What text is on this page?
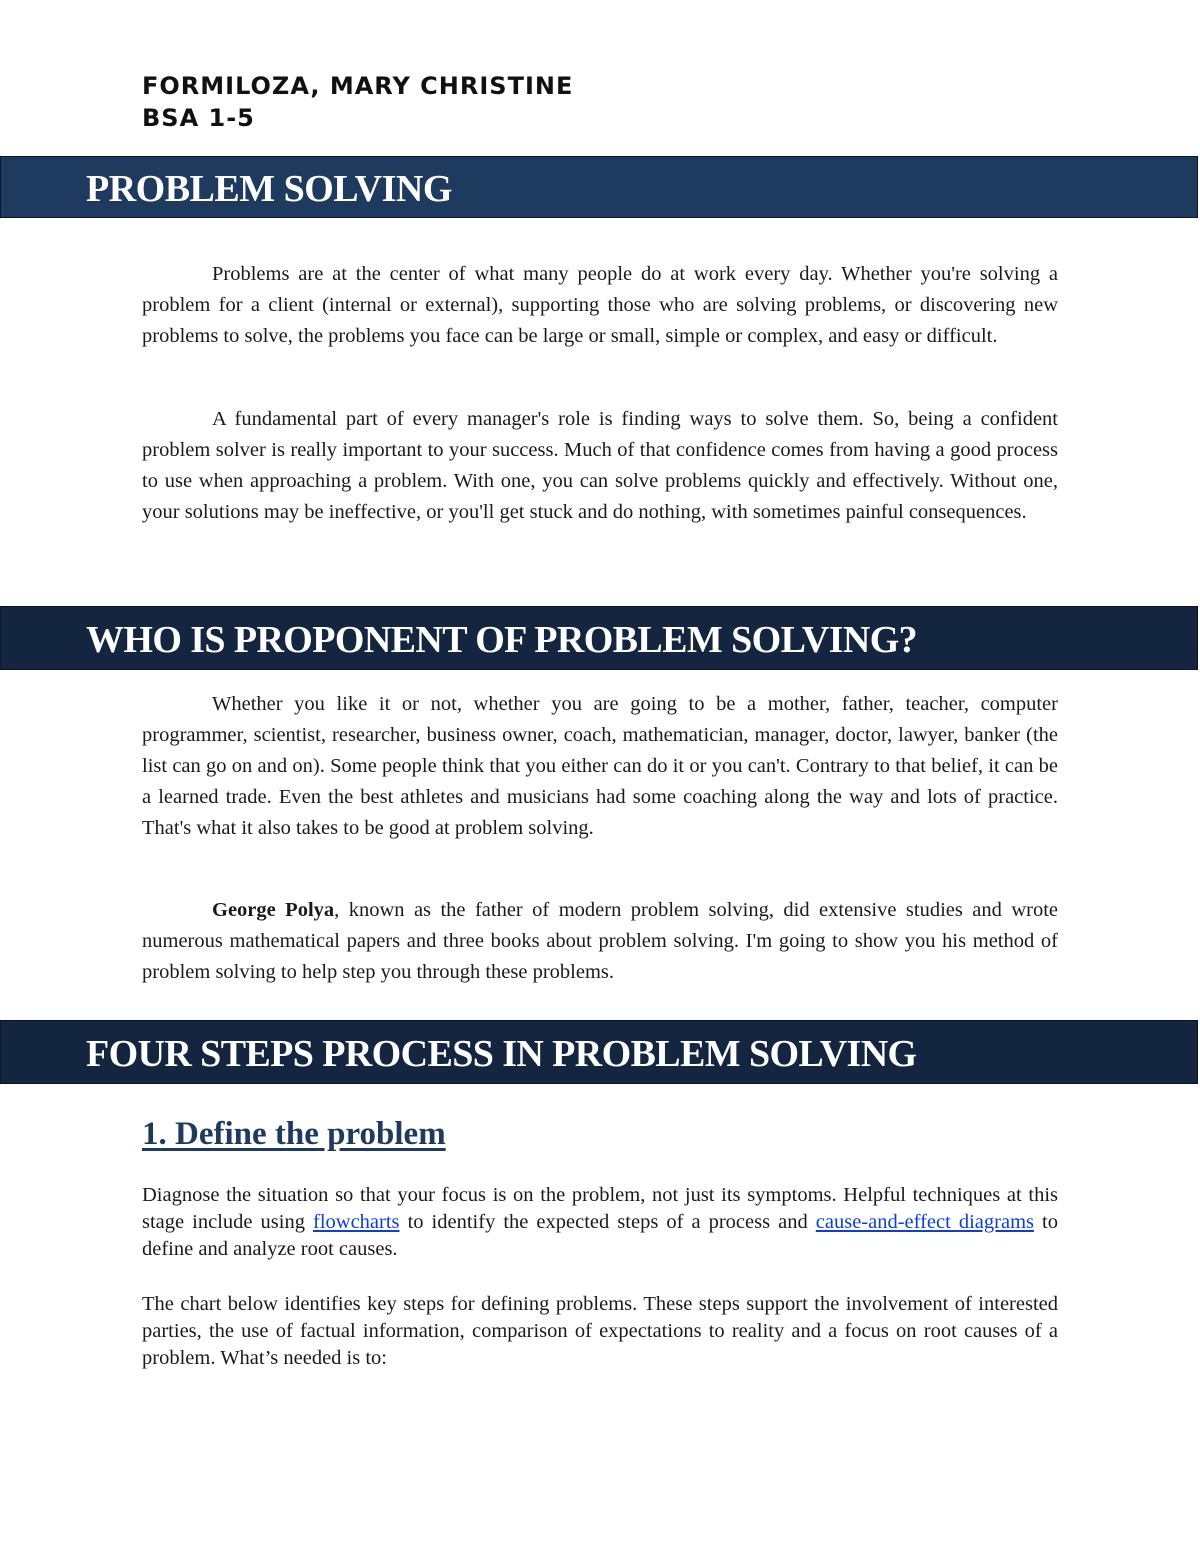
FORMILOZA, MARY CHRISTINE
BSA 1-5
PROBLEM SOLVING

Problems are at the center of what many people do at work every day. Whether you're solving a problem for a client (internal or external), supporting those who are solving problems, or discovering new problems to solve, the problems you face can be large or small, simple or complex, and easy or difficult.

A fundamental part of every manager's role is finding ways to solve them. So, being a confident problem solver is really important to your success. Much of that confidence comes from having a good process to use when approaching a problem. With one, you can solve problems quickly and effectively. Without one, your solutions may be ineffective, or you'll get stuck and do nothing, with sometimes painful consequences.

WHO IS PROPONENT OF PROBLEM SOLVING?

Whether you like it or not, whether you are going to be a mother, father, teacher, computer programmer, scientist, researcher, business owner, coach, mathematician, manager, doctor, lawyer, banker (the list can go on and on). Some people think that you either can do it or you can't. Contrary to that belief, it can be a learned trade. Even the best athletes and musicians had some coaching along the way and lots of practice. That's what it also takes to be good at problem solving.

George Polya, known as the father of modern problem solving, did extensive studies and wrote numerous mathematical papers and three books about problem solving. I'm going to show you his method of problem solving to help step you through these problems.

FOUR STEPS PROCESS IN PROBLEM SOLVING
1. Define the problem

Diagnose the situation so that your focus is on the problem, not just its symptoms. Helpful techniques at this stage include using flowcharts to identify the expected steps of a process and cause-and-effect diagrams to define and analyze root causes.

The chart below identifies key steps for defining problems. These steps support the involvement of interested parties, the use of factual information, comparison of expectations to reality and a focus on root causes of a problem. What’s needed is to:
